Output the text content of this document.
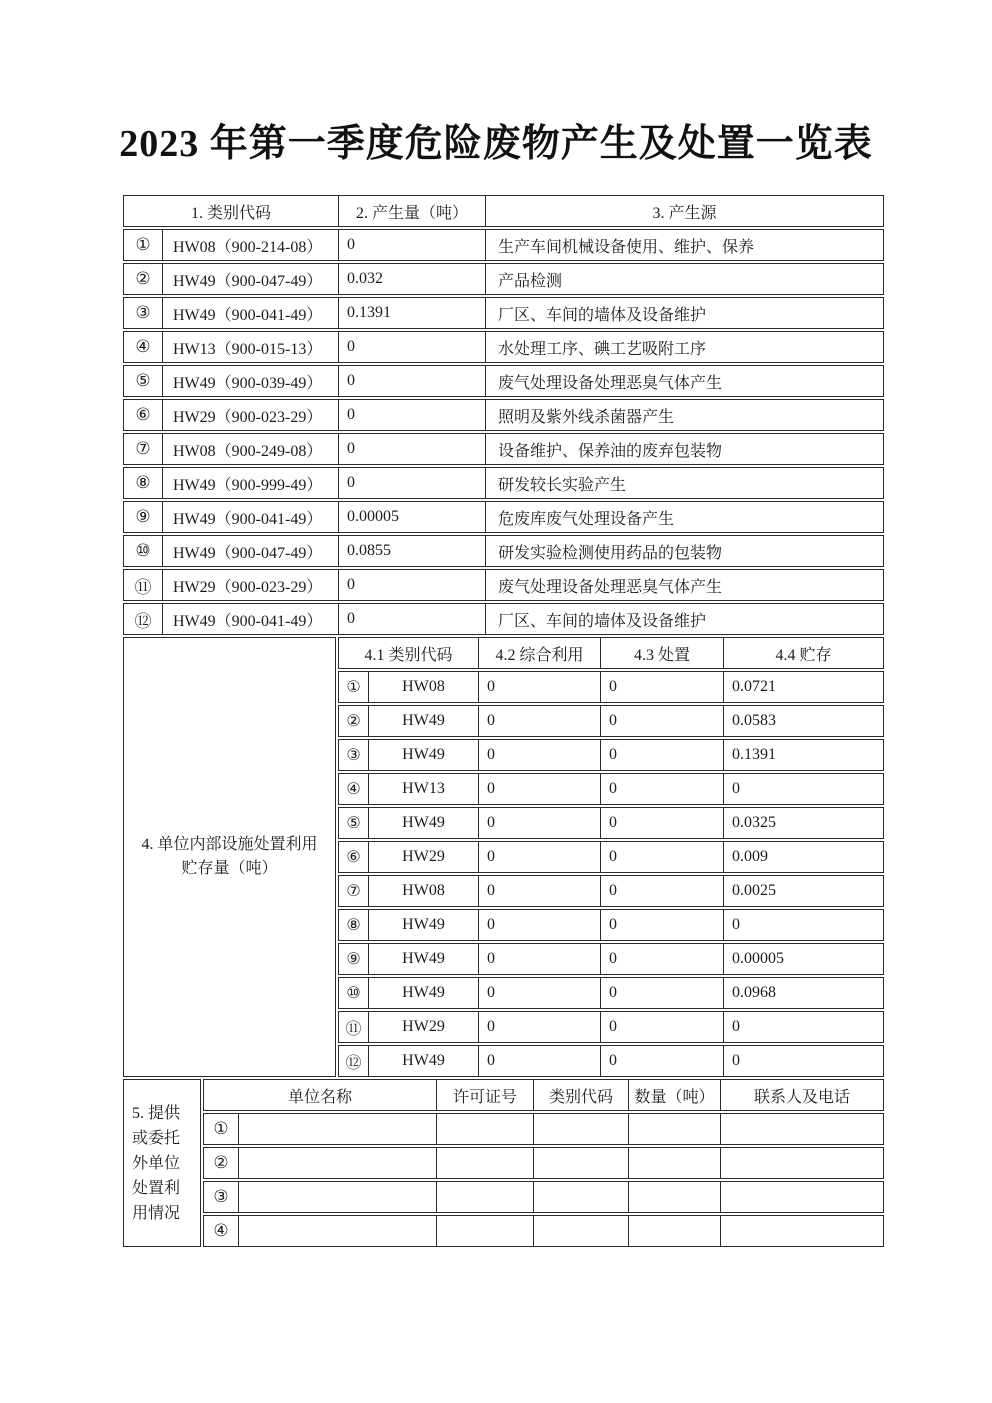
2023 年第一季度危险废物产生及处置一览表
1. 类别代码	2. 产生量（吨）	3. 产生源
①	HW08（900-214-08）	0	生产车间机械设备使用、维护、保养
②	HW49（900-047-49）	0.032	产品检测
③	HW49（900-041-49）	0.1391	厂区、车间的墙体及设备维护
④	HW13（900-015-13）	0	水处理工序、碘工艺吸附工序
⑤	HW49（900-039-49）	0	废气处理设备处理恶臭气体产生
⑥	HW29（900-023-29）	0	照明及紫外线杀菌器产生
⑦	HW08（900-249-08）	0	设备维护、保养油的废弃包装物
⑧	HW49（900-999-49）	0	研发较长实验产生
⑨	HW49（900-041-49）	0.00005	危废库废气处理设备产生
⑩	HW49（900-047-49）	0.0855	研发实验检测使用药品的包装物
⑪	HW29（900-023-29）	0	废气处理设备处理恶臭气体产生
⑫	HW49（900-041-49）	0	厂区、车间的墙体及设备维护
4. 单位内部设施处置利用
贮存量（吨）
4.1 类别代码	4.2 综合利用	4.3 处置	4.4 贮存
①	HW08	0	0	0.0721
②	HW49	0	0	0.0583
③	HW49	0	0	0.1391
④	HW13	0	0	0
⑤	HW49	0	0	0.0325
⑥	HW29	0	0	0.009
⑦	HW08	0	0	0.0025
⑧	HW49	0	0	0
⑨	HW49	0	0	0.00005
⑩	HW49	0	0	0.0968
⑪	HW29	0	0	0
⑫	HW49	0	0	0
5. 提供
或委托
外单位
处置利
用情况
单位名称	许可证号	类别代码	数量（吨）	联系人及电话
①
②
③
④
